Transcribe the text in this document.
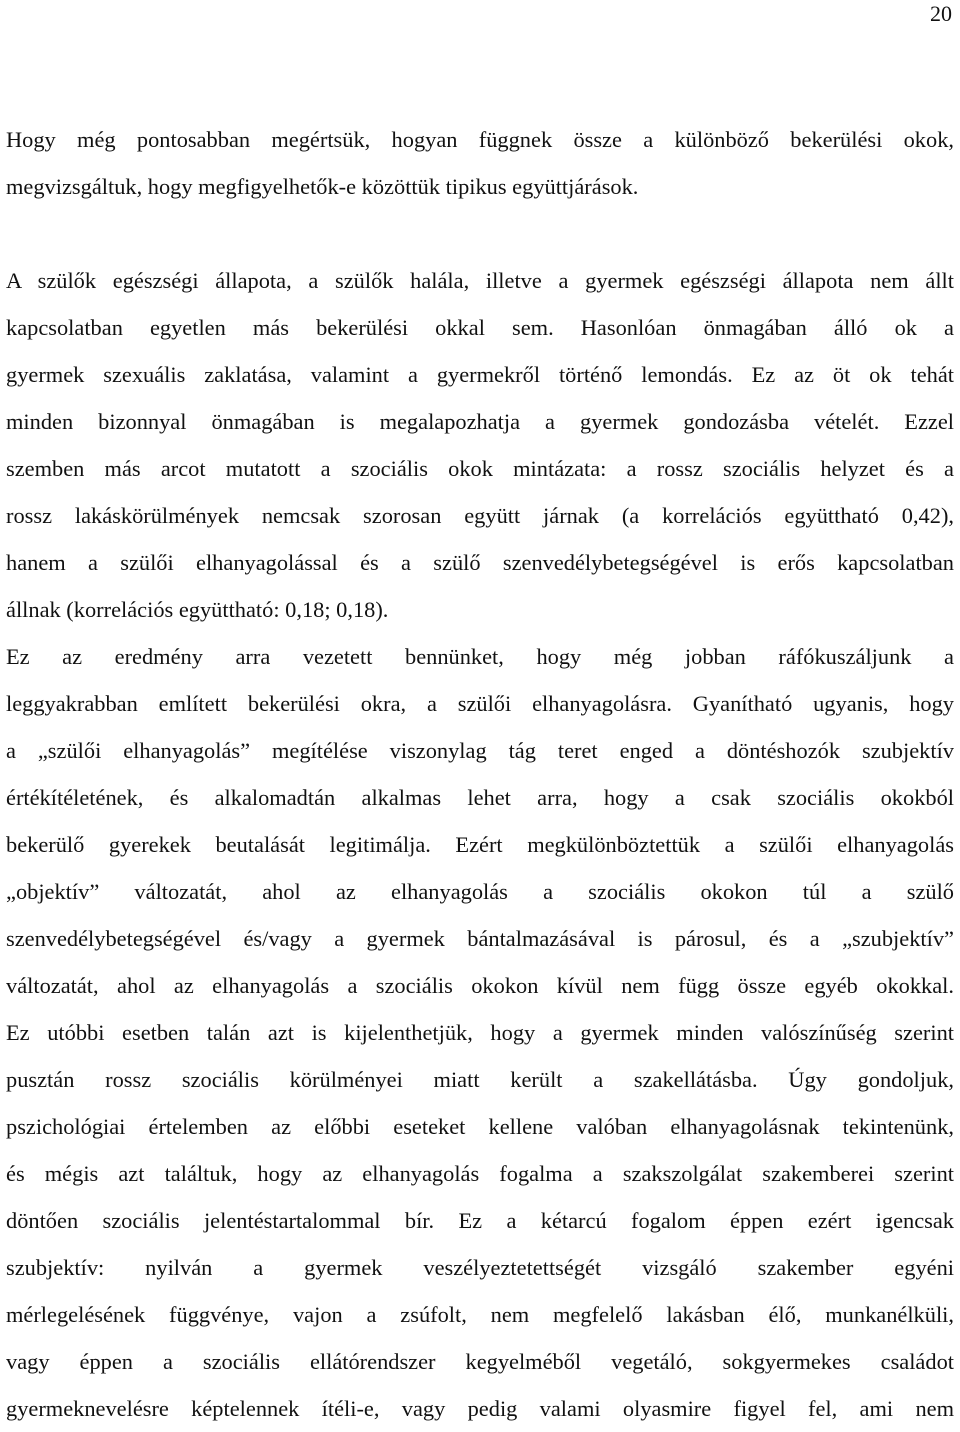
20
Hogy még pontosabban megértsük, hogyan függnek össze a különböző bekerülési okok,
megvizsgáltuk, hogy megfigyelhetők-e közöttük tipikus együttjárások.
A szülők egészségi állapota, a szülők halála, illetve a gyermek egészségi állapota nem állt
kapcsolatban egyetlen más bekerülési okkal sem. Hasonlóan önmagában álló ok a
gyermek szexuális zaklatása, valamint a gyermekről történő lemondás. Ez az öt ok tehát
minden bizonnyal önmagában is megalapozhatja a gyermek gondozásba vételét. Ezzel
szemben más arcot mutatott a szociális okok mintázata: a rossz szociális helyzet és a
rossz lakáskörülmények nemcsak szorosan együtt járnak (a korrelációs együttható 0,42),
hanem a szülői elhanyagolással és a szülő szenvedélybetegségével is erős kapcsolatban
állnak (korrelációs együttható: 0,18; 0,18).
Ez az eredmény arra vezetett bennünket, hogy még jobban ráfókuszáljunk a
leggyakrabban említett bekerülési okra, a szülői elhanyagolásra. Gyanítható ugyanis, hogy
a „szülői elhanyagolás” megítélése viszonylag tág teret enged a döntéshozók szubjektív
értékítéletének, és alkalomadtán alkalmas lehet arra, hogy a csak szociális okokból
bekerülő gyerekek beutalását legitimálja. Ezért megkülönböztettük a szülői elhanyagolás
„objektív” változatát, ahol az elhanyagolás a szociális okokon túl a szülő
szenvedélybetegségével és/vagy a gyermek bántalmazásával is párosul, és a „szubjektív”
változatát, ahol az elhanyagolás a szociális okokon kívül nem függ össze egyéb okokkal.
Ez utóbbi esetben talán azt is kijelenthetjük, hogy a gyermek minden valószínűség szerint
pusztán rossz szociális körülményei miatt került a szakellátásba. Úgy gondoljuk,
pszichológiai értelemben az előbbi eseteket kellene valóban elhanyagolásnak tekintenünk,
és mégis azt találtuk, hogy az elhanyagolás fogalma a szakszolgálat szakemberei szerint
döntően szociális jelentéstartalommal bír. Ez a kétarcú fogalom éppen ezért igencsak
szubjektív: nyilván a gyermek veszélyeztetettségét vizsgáló szakember egyéni
mérlegelésének függvénye, vajon a zsúfolt, nem megfelelő lakásban élő, munkanélküli,
vagy éppen a szociális ellátórendszer kegyelméből vegetáló, sokgyermekes családot
gyermeknevelésre képtelennek ítéli-e, vagy pedig valami olyasmire figyel fel, ami nem
